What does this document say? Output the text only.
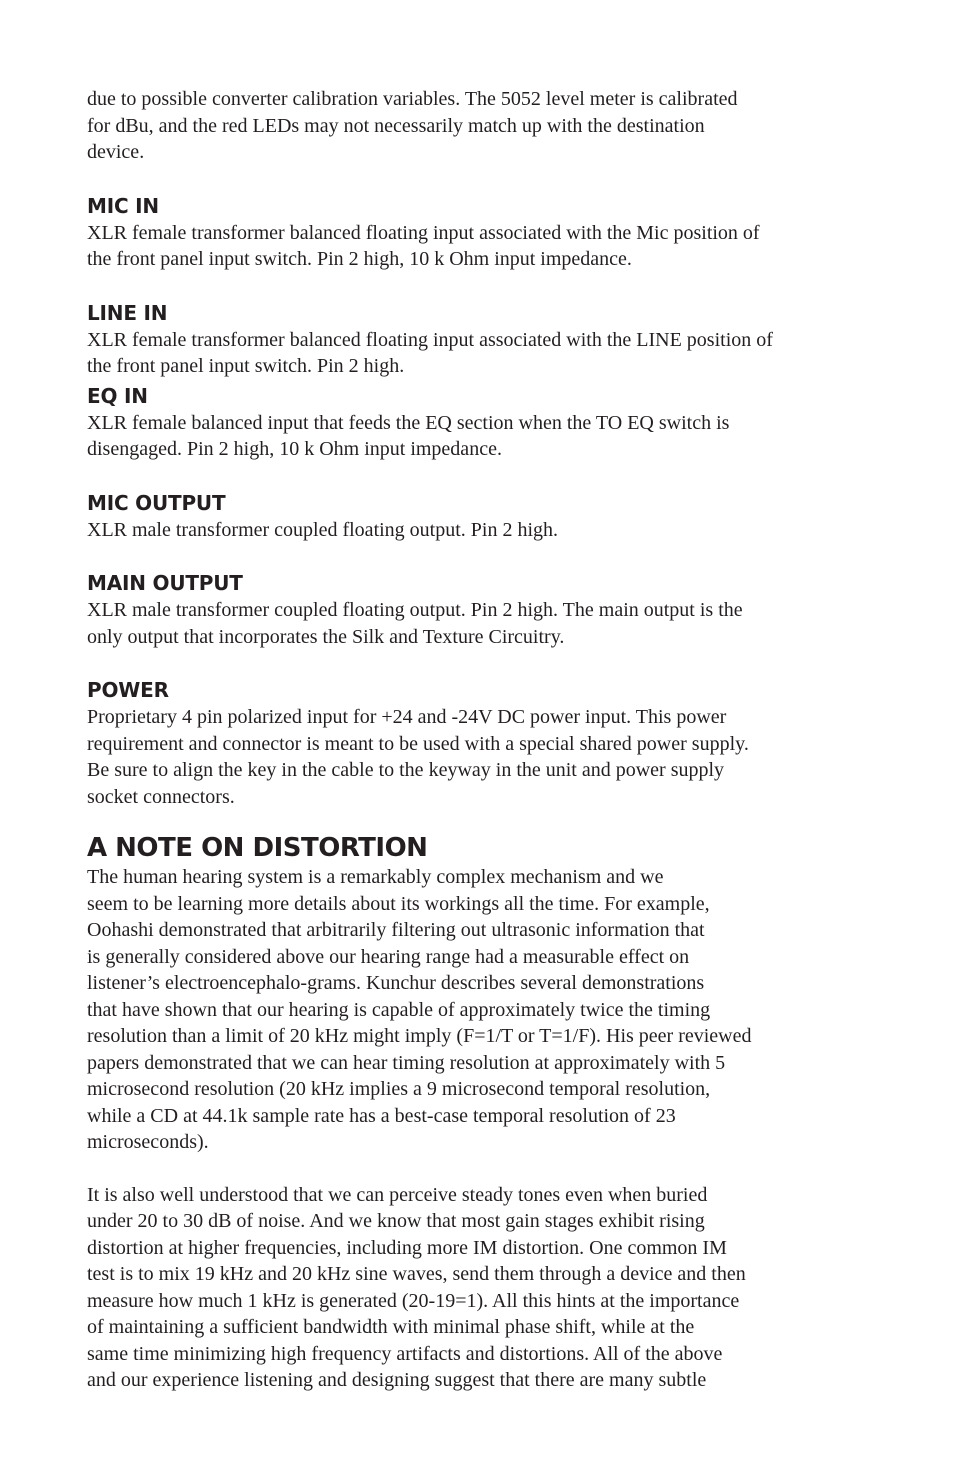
due to possible converter calibration variables. The 5052 level meter is calibrated
for dBu, and the red LEDs may not necessarily match up with the destination
device.

MIC IN

XLR female transformer balanced floating input associated with the Mic position of
the front panel input switch. Pin 2 high, 10 k Ohm input impedance.

LINE IN

XLR female transformer balanced floating input associated with the LINE position of
the front panel input switch. Pin 2 high.

EQ IN

XLR female balanced input that feeds the EQ section when the TO EQ switch is
disengaged. Pin 2 high, 10 k Ohm input impedance.

MIC OUTPUT

XLR male transformer coupled floating output. Pin 2 high.

MAIN OUTPUT

XLR male transformer coupled floating output. Pin 2 high. The main output is the
only output that incorporates the Silk and Texture Circuitry.

POWER

Proprietary 4 pin polarized input for +24 and -24V DC power input. This power
requirement and connector is meant to be used with a special shared power supply.
Be sure to align the key in the cable to the keyway in the unit and power supply
socket connectors.

A NOTE ON DISTORTION

The human hearing system is a remarkably complex mechanism and we
seem to be learning more details about its workings all the time. For example,
Oohashi demonstrated that arbitrarily filtering out ultrasonic information that
is generally considered above our hearing range had a measurable effect on
listener’s electroencephalo-grams. Kunchur describes several demonstrations
that have shown that our hearing is capable of approximately twice the timing
resolution than a limit of 20 kHz might imply (F=1/T or T=1/F). His peer reviewed
papers demonstrated that we can hear timing resolution at approximately with 5
microsecond resolution (20 kHz implies a 9 microsecond temporal resolution,
while a CD at 44.1k sample rate has a best-case temporal resolution of 23
microseconds).

It is also well understood that we can perceive steady tones even when buried
under 20 to 30 dB of noise. And we know that most gain stages exhibit rising
distortion at higher frequencies, including more IM distortion. One common IM
test is to mix 19 kHz and 20 kHz sine waves, send them through a device and then
measure how much 1 kHz is generated (20-19=1). All this hints at the importance
of maintaining a sufficient bandwidth with minimal phase shift, while at the
same time minimizing high frequency artifacts and distortions. All of the above
and our experience listening and designing suggest that there are many subtle
